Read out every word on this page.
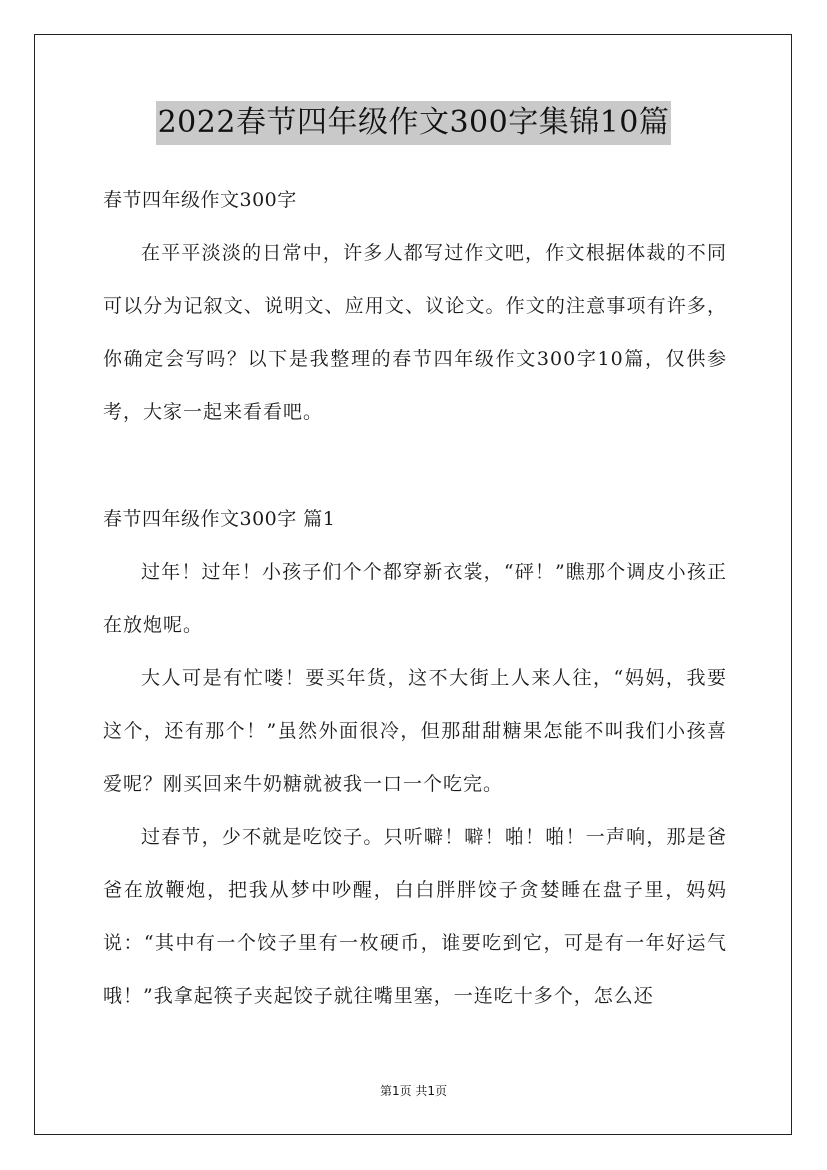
2022春节四年级作文300字集锦10篇

春节四年级作文300字

在平平淡淡的日常中，许多人都写过作文吧，作文根据体裁的不同可以分为记叙文、说明文、应用文、议论文。作文的注意事项有许多，你确定会写吗？以下是我整理的春节四年级作文300字10篇，仅供参考，大家一起来看看吧。

春节四年级作文300字 篇1

过年！过年！小孩子们个个都穿新衣裳，“砰！”瞧那个调皮小孩正在放炮呢。

大人可是有忙喽！要买年货，这不大街上人来人往，“妈妈，我要这个，还有那个！”虽然外面很冷，但那甜甜糖果怎能不叫我们小孩喜爱呢？刚买回来牛奶糖就被我一口一个吃完。

过春节，少不就是吃饺子。只听噼！噼！啪！啪！一声响，那是爸爸在放鞭炮，把我从梦中吵醒，白白胖胖饺子贪婪睡在盘子里，妈妈说：“其中有一个饺子里有一枚硬币，谁要吃到它，可是有一年好运气哦！”我拿起筷子夹起饺子就往嘴里塞，一连吃十多个，怎么还

第1页 共1页
